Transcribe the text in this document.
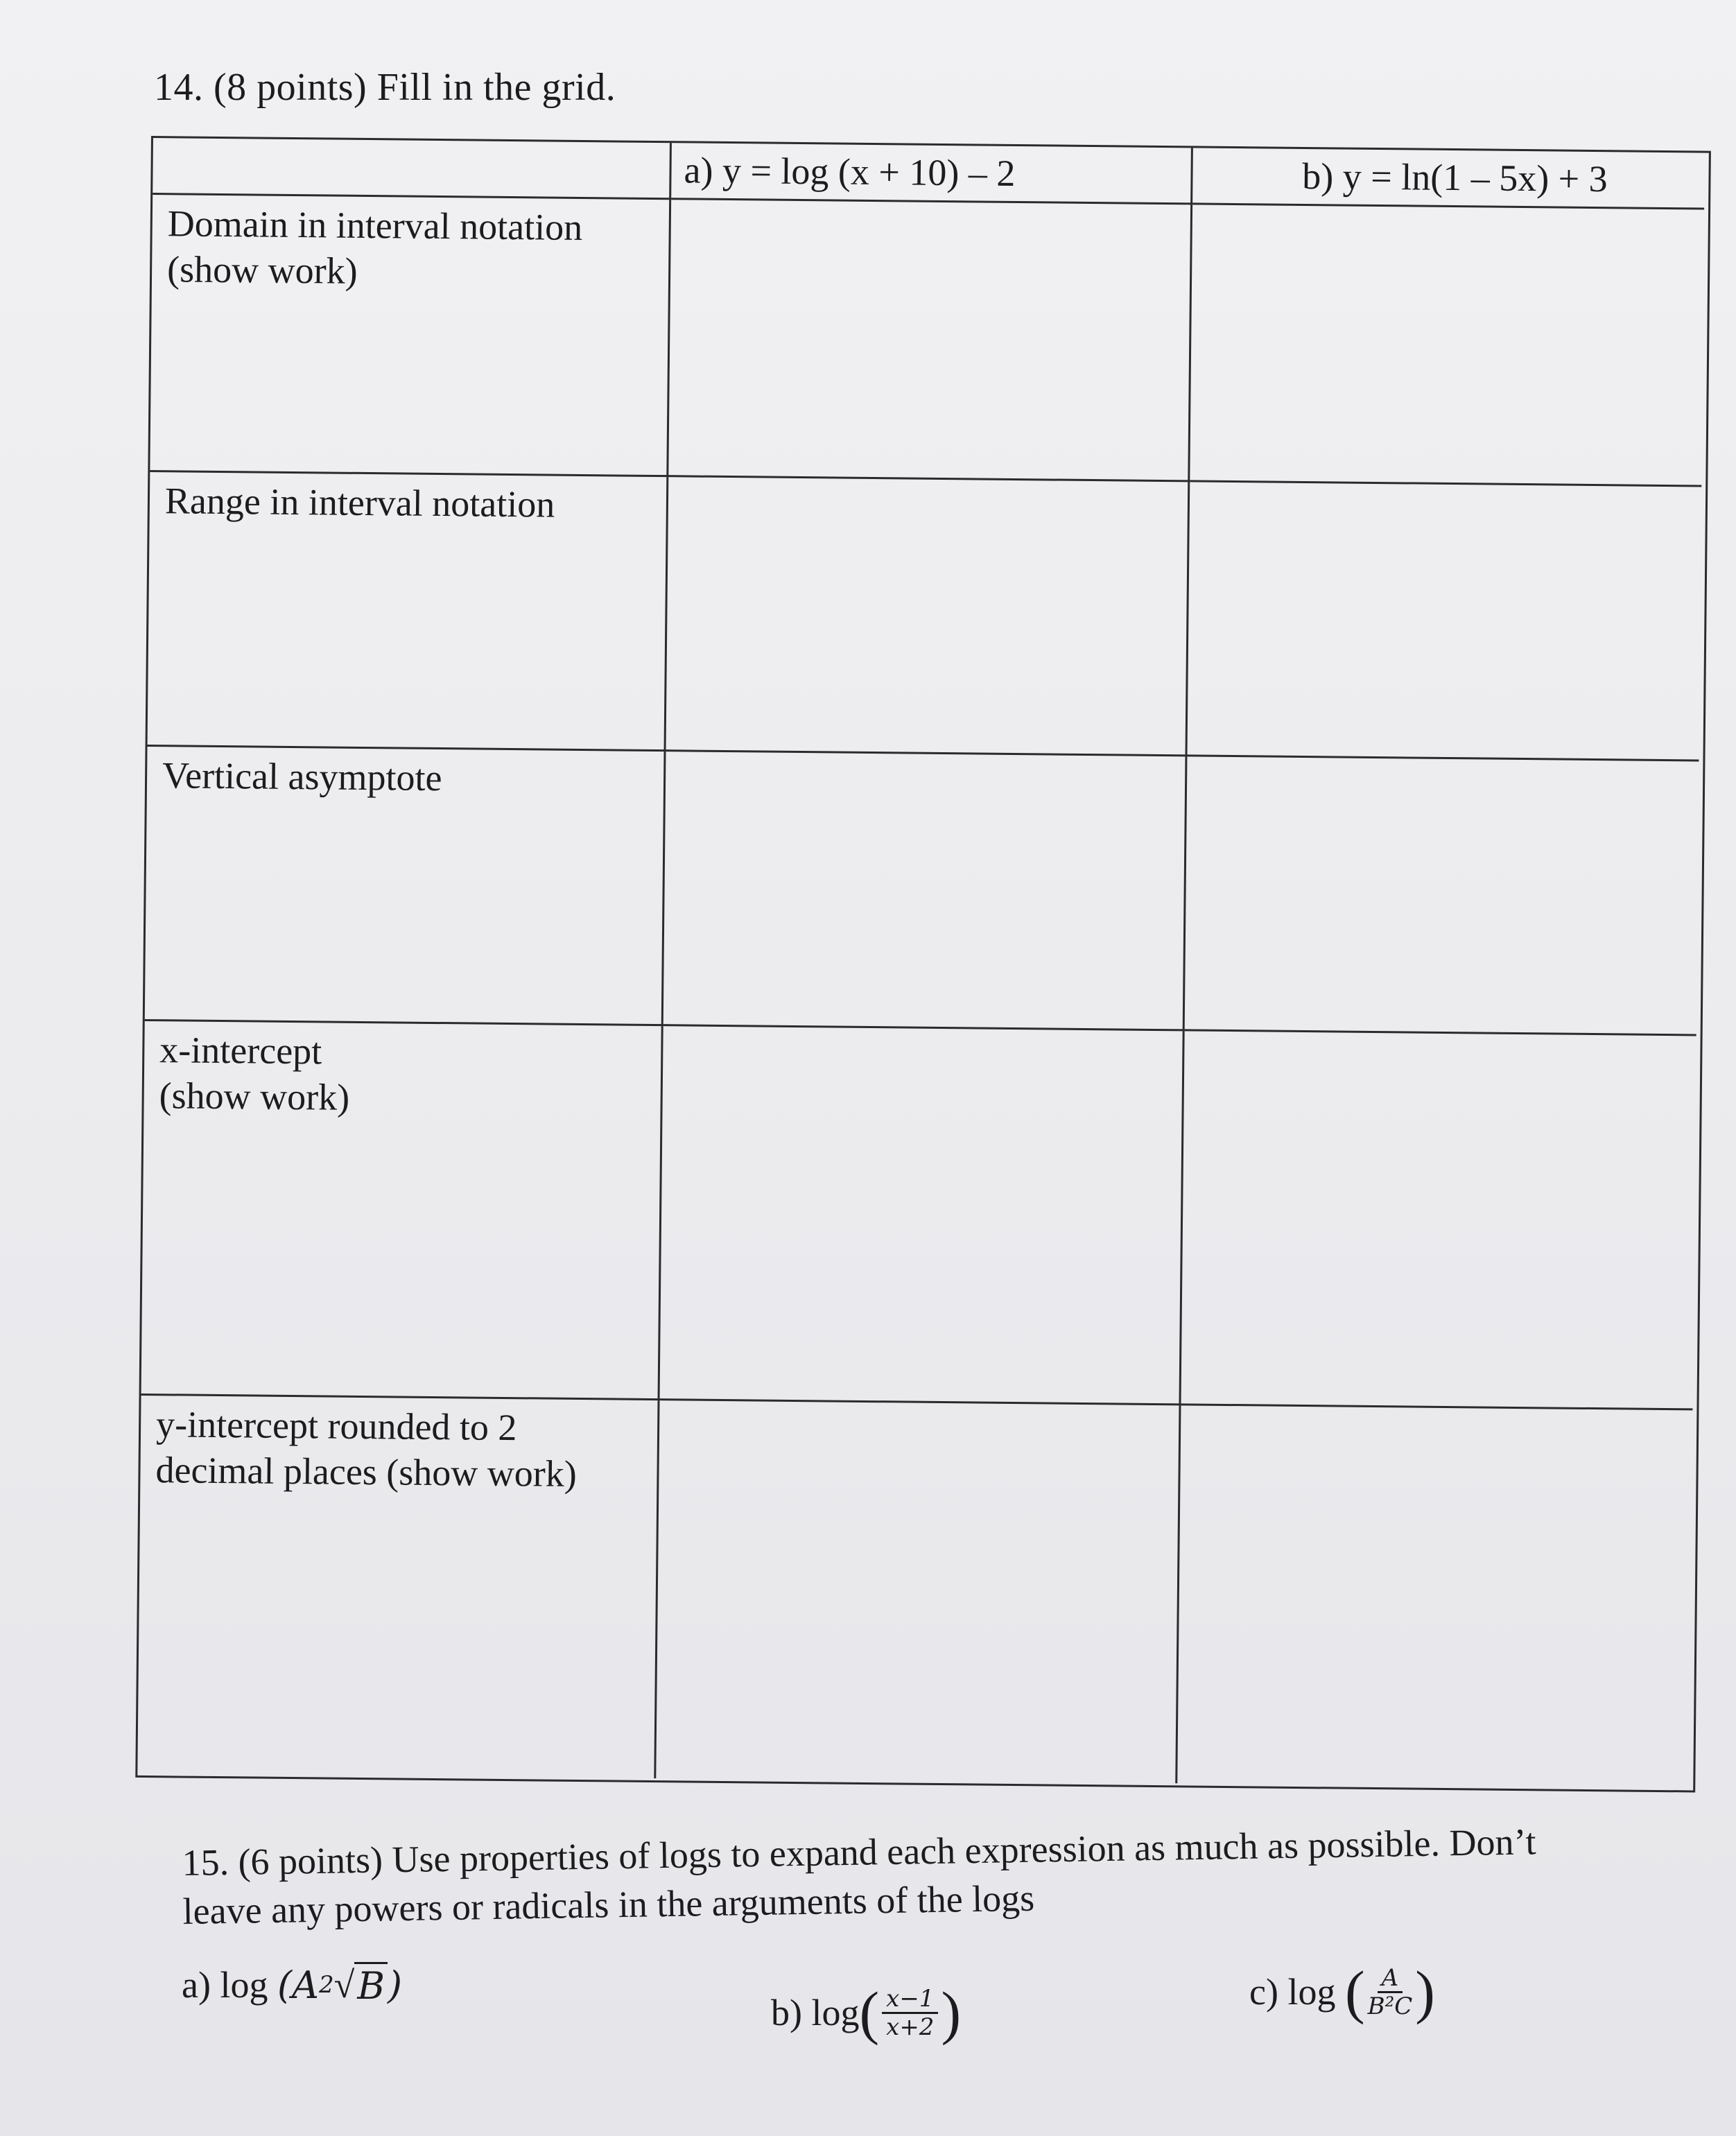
14. (8 points) Fill in the grid.
a) y = log (x + 10) – 2	b) y = ln(1 – 5x) + 3
Domain in interval notation
(show work)
Range in interval notation
Vertical asymptote
x-intercept
(show work)
y-intercept rounded to 2
decimal places (show work)
15. (6 points) Use properties of logs to expand each expression as much as possible. Don’t
leave any powers or radicals in the arguments of the logs
a) log
(A 2 √ B )
b) log ( $\frac{x-1}{x+2}$ )	c) log
( $\frac{A}{\text{B²C}}$ )
